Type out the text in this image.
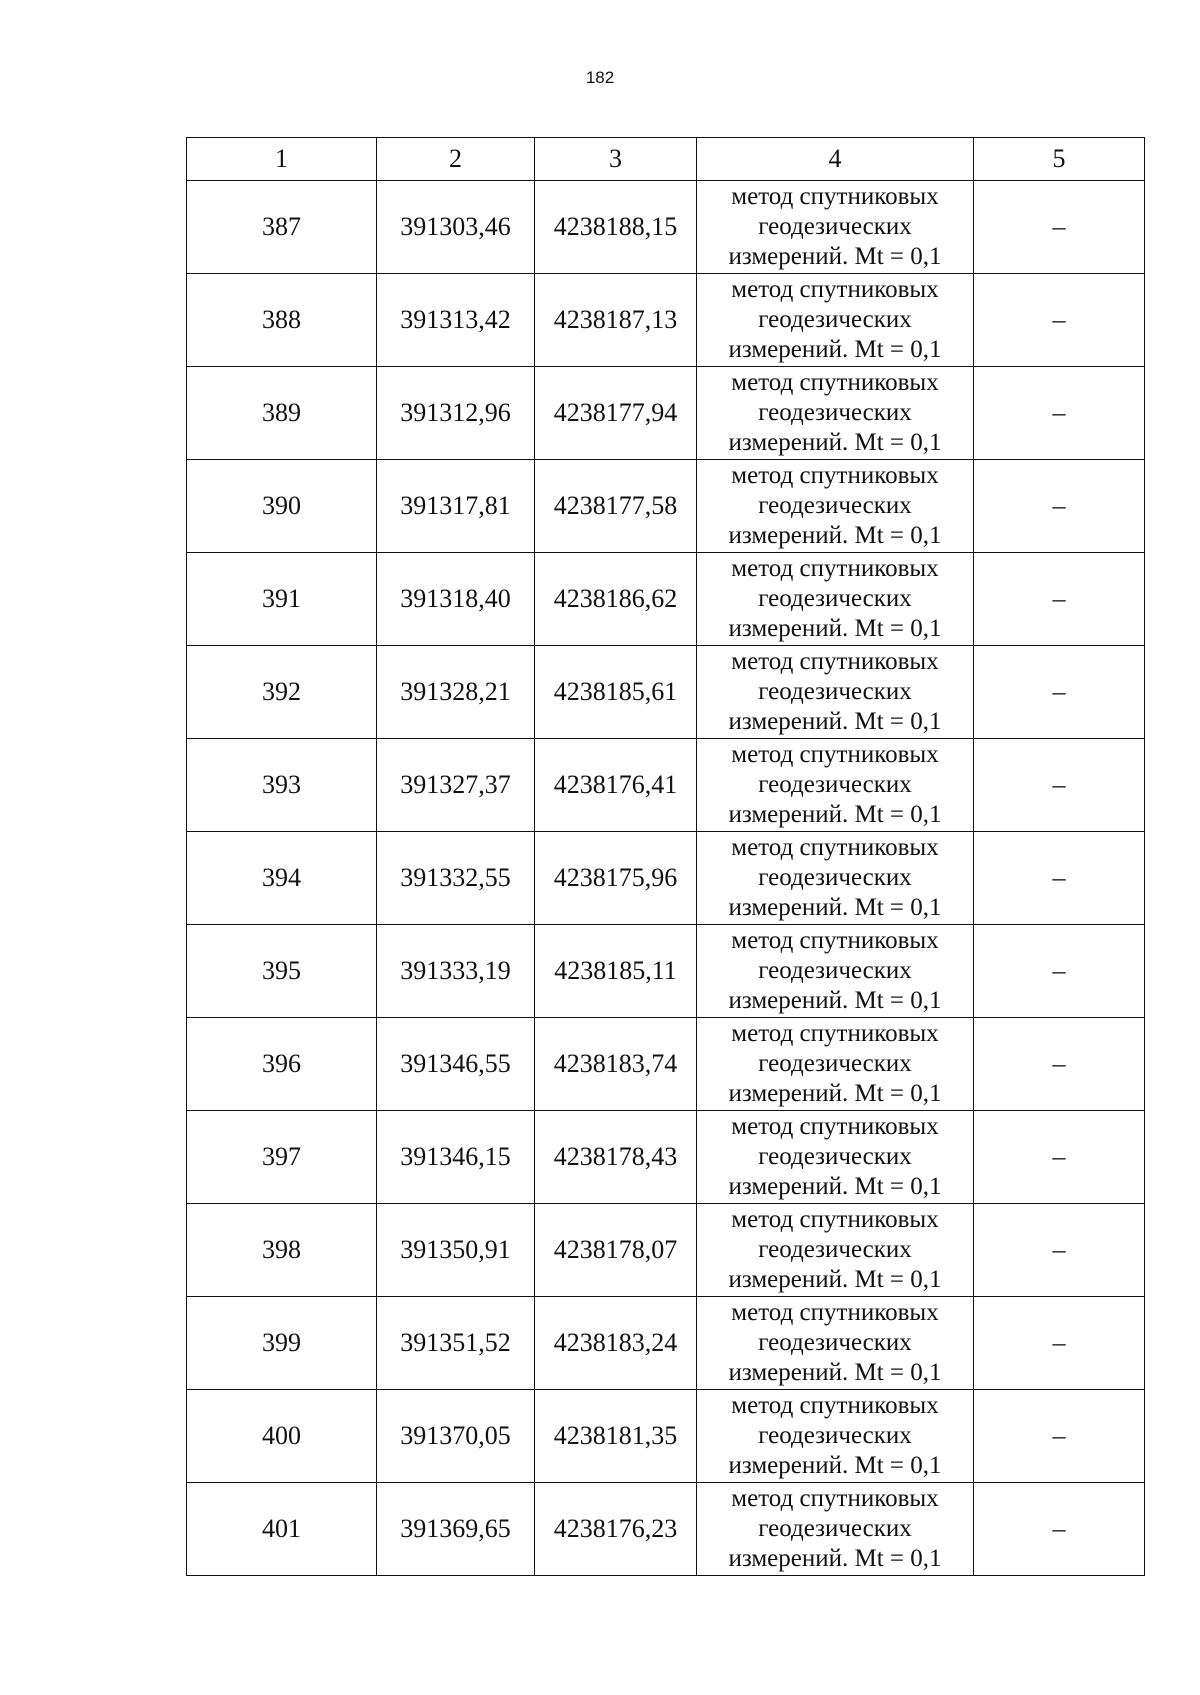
182
1	2	3	4	5
387	391303,46	4238188,15	метод спутниковых
геодезических
измерений. Mt = 0,1	–
388	391313,42	4238187,13	метод спутниковых
геодезических
измерений. Mt = 0,1	–
389	391312,96	4238177,94	метод спутниковых
геодезических
измерений. Mt = 0,1	–
390	391317,81	4238177,58	метод спутниковых
геодезических
измерений. Mt = 0,1	–
391	391318,40	4238186,62	метод спутниковых
геодезических
измерений. Mt = 0,1	–
392	391328,21	4238185,61	метод спутниковых
геодезических
измерений. Mt = 0,1	–
393	391327,37	4238176,41	метод спутниковых
геодезических
измерений. Mt = 0,1	–
394	391332,55	4238175,96	метод спутниковых
геодезических
измерений. Mt = 0,1	–
395	391333,19	4238185,11	метод спутниковых
геодезических
измерений. Mt = 0,1	–
396	391346,55	4238183,74	метод спутниковых
геодезических
измерений. Mt = 0,1	–
397	391346,15	4238178,43	метод спутниковых
геодезических
измерений. Mt = 0,1	–
398	391350,91	4238178,07	метод спутниковых
геодезических
измерений. Mt = 0,1	–
399	391351,52	4238183,24	метод спутниковых
геодезических
измерений. Mt = 0,1	–
400	391370,05	4238181,35	метод спутниковых
геодезических
измерений. Mt = 0,1	–
401	391369,65	4238176,23	метод спутниковых
геодезических
измерений. Mt = 0,1	–
